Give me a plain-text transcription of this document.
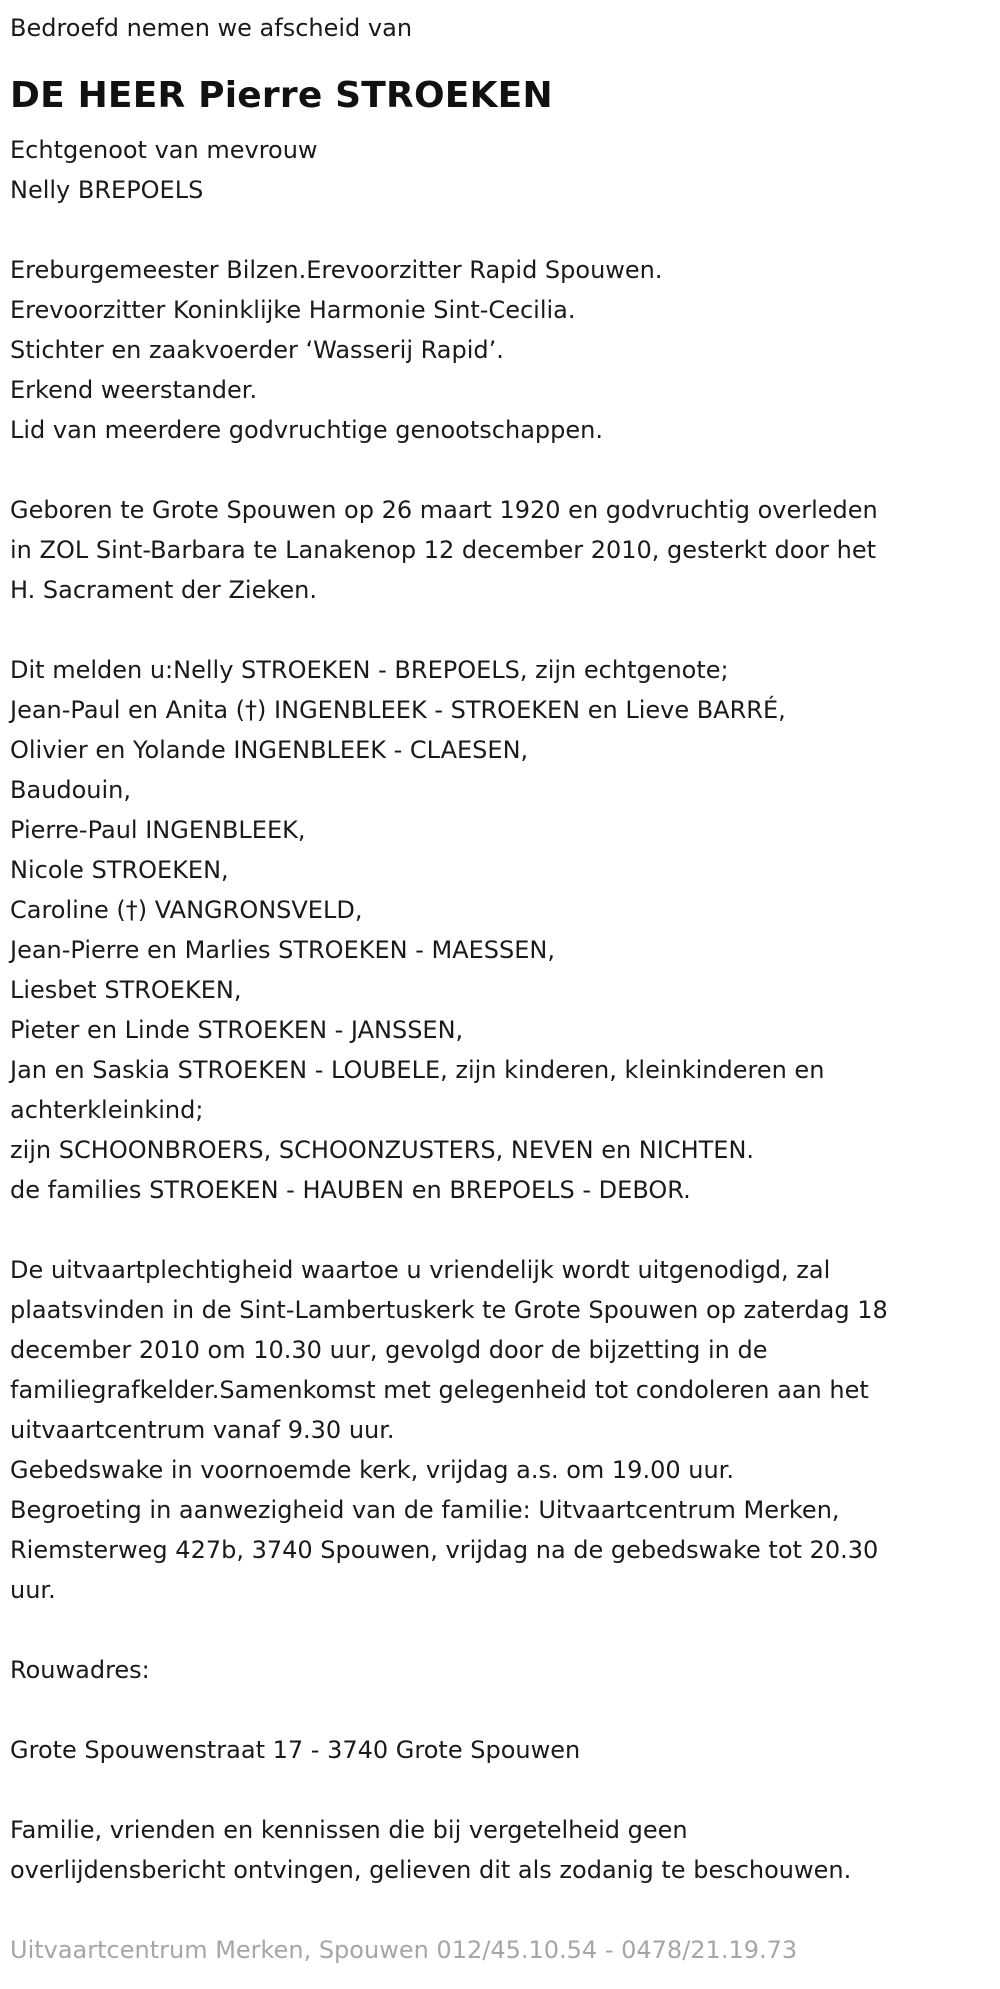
Bedroefd nemen we afscheid van
DE HEER Pierre STROEKEN
Echtgenoot van mevrouw
Nelly BREPOELS
Ereburgemeester Bilzen.Erevoorzitter Rapid Spouwen.
Erevoorzitter Koninklijke Harmonie Sint-Cecilia.
Stichter en zaakvoerder ‘Wasserij Rapid’.
Erkend weerstander.
Lid van meerdere godvruchtige genootschappen.
Geboren te Grote Spouwen op 26 maart 1920 en godvruchtig overleden
in ZOL Sint-Barbara te Lanakenop 12 december 2010, gesterkt door het
H. Sacrament der Zieken.
Dit melden u:Nelly STROEKEN - BREPOELS, zijn echtgenote;
Jean-Paul en Anita (†) INGENBLEEK - STROEKEN en Lieve BARRÉ,
Olivier en Yolande INGENBLEEK - CLAESEN,
Baudouin,
Pierre-Paul INGENBLEEK,
Nicole STROEKEN,
Caroline (†) VANGRONSVELD,
Jean-Pierre en Marlies STROEKEN - MAESSEN,
Liesbet STROEKEN,
Pieter en Linde STROEKEN - JANSSEN,
Jan en Saskia STROEKEN - LOUBELE, zijn kinderen, kleinkinderen en
achterkleinkind;
zijn SCHOONBROERS, SCHOONZUSTERS, NEVEN en NICHTEN.
de families STROEKEN - HAUBEN en BREPOELS - DEBOR.
De uitvaartplechtigheid waartoe u vriendelijk wordt uitgenodigd, zal
plaatsvinden in de Sint-Lambertuskerk te Grote Spouwen op zaterdag 18
december 2010 om 10.30 uur, gevolgd door de bijzetting in de
familiegrafkelder.Samenkomst met gelegenheid tot condoleren aan het
uitvaartcentrum vanaf 9.30 uur.
Gebedswake in voornoemde kerk, vrijdag a.s. om 19.00 uur.
Begroeting in aanwezigheid van de familie: Uitvaartcentrum Merken,
Riemsterweg 427b, 3740 Spouwen, vrijdag na de gebedswake tot 20.30
uur.
Rouwadres:
Grote Spouwenstraat 17 - 3740 Grote Spouwen
Familie, vrienden en kennissen die bij vergetelheid geen
overlijdensbericht ontvingen, gelieven dit als zodanig te beschouwen.
Uitvaartcentrum Merken, Spouwen 012/45.10.54 - 0478/21.19.73
